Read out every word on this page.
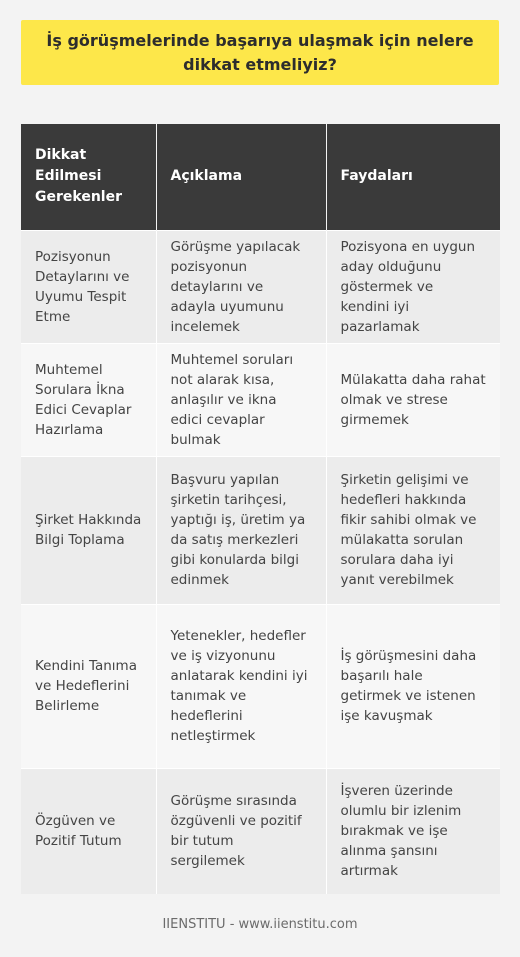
İş görüşmelerinde başarıya ulaşmak için nelere dikkat etmeliyiz?
Dikkat Edilmesi Gerekenler	Açıklama	Faydaları
Pozisyonun Detaylarını ve Uyumu Tespit Etme	Görüşme yapılacak pozisyonun detaylarını ve adayla uyumunu incelemek	Pozisyona en uygun aday olduğunu göstermek ve kendini iyi pazarlamak
Muhtemel Sorulara İkna Edici Cevaplar Hazırlama	Muhtemel soruları not alarak kısa, anlaşılır ve ikna edici cevaplar bulmak	Mülakatta daha rahat olmak ve strese girmemek
Şirket Hakkında Bilgi Toplama	Başvuru yapılan şirketin tarihçesi, yaptığı iş, üretim ya da satış merkezleri gibi konularda bilgi edinmek	Şirketin gelişimi ve hedefleri hakkında fikir sahibi olmak ve mülakatta sorulan sorulara daha iyi yanıt verebilmek
Kendini Tanıma ve Hedeflerini Belirleme	Yetenekler, hedefler ve iş vizyonunu anlatarak kendini iyi tanımak ve hedeflerini netleştirmek	İş görüşmesini daha başarılı hale getirmek ve istenen işe kavuşmak
Özgüven ve Pozitif Tutum	Görüşme sırasında özgüvenli ve pozitif bir tutum sergilemek	İşveren üzerinde olumlu bir izlenim bırakmak ve işe alınma şansını artırmak
IIENSTITU - www.iienstitu.com
